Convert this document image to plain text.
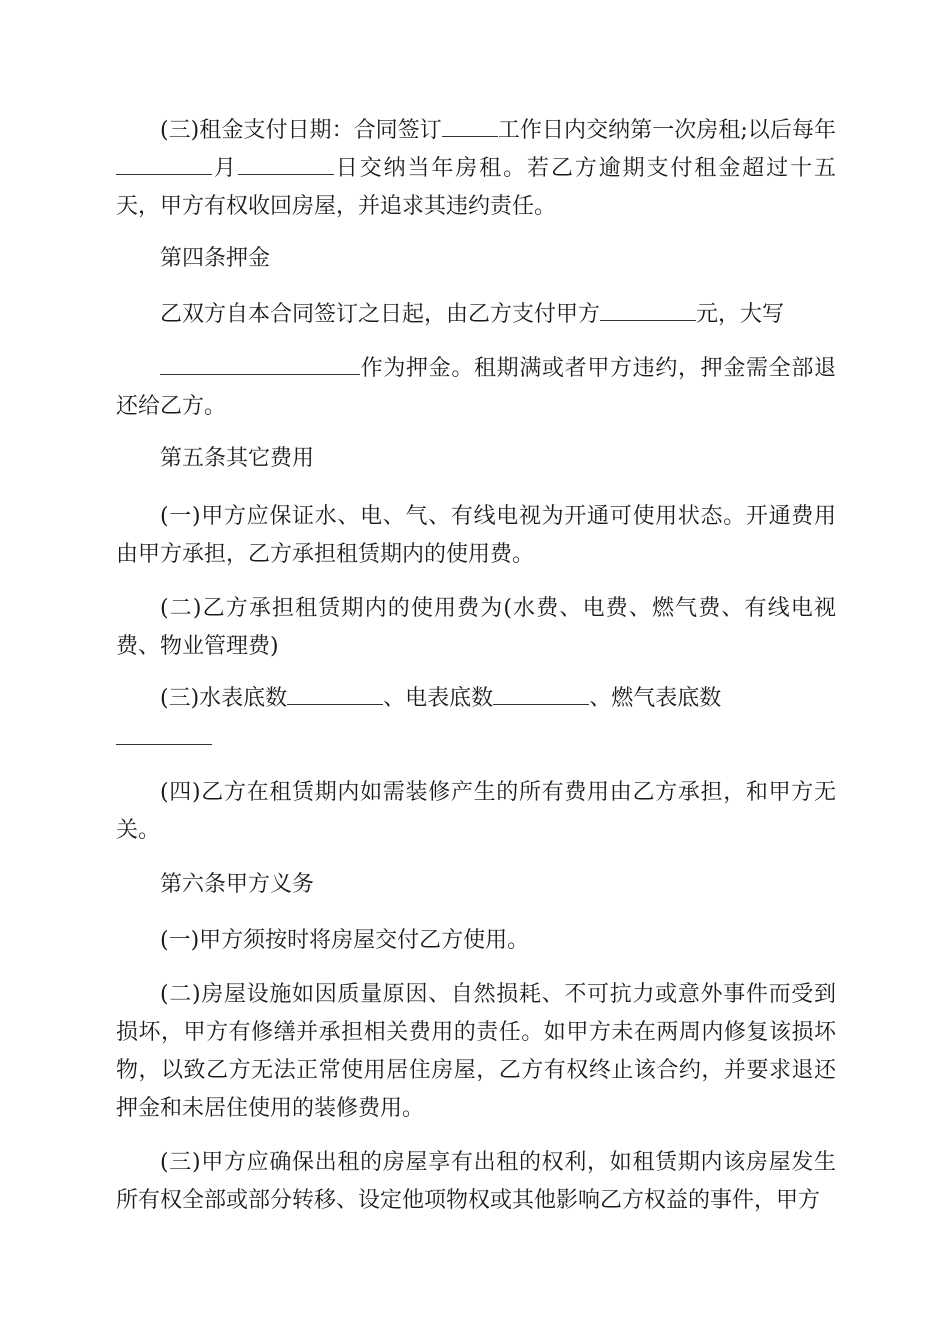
(三)租金支付日期：合同签订	工作日内交纳第一次房租;以后每年月	日交纳当年房租。若乙方逾期支付租金超过十五天，甲方有权收回房屋，并追求其违约责任。

第四条押金

乙双方自本合同签订之日起，由乙方支付甲方	元，大写

作为押金。租期满或者甲方违约，押金需全部退还给乙方。

第五条其它费用

(一)甲方应保证水、电、气、有线电视为开通可使用状态。开通费用由甲方承担，乙方承担租赁期内的使用费。

(二)乙方承担租赁期内的使用费为(水费、电费、燃气费、有线电视费、物业管理费)

(三)水表底数	、电表底数	、燃气表底数

(四)乙方在租赁期内如需装修产生的所有费用由乙方承担，和甲方无关。

第六条甲方义务

(一)甲方须按时将房屋交付乙方使用。

(二)房屋设施如因质量原因、自然损耗、不可抗力或意外事件而受到损坏，甲方有修缮并承担相关费用的责任。如甲方未在两周内修复该损坏物，以致乙方无法正常使用居住房屋，乙方有权终止该合约，并要求退还押金和未居住使用的装修费用。

(三)甲方应确保出租的房屋享有出租的权利，如租赁期内该房屋发生所有权全部或部分转移、设定他项物权或其他影响乙方权益的事件，甲方
